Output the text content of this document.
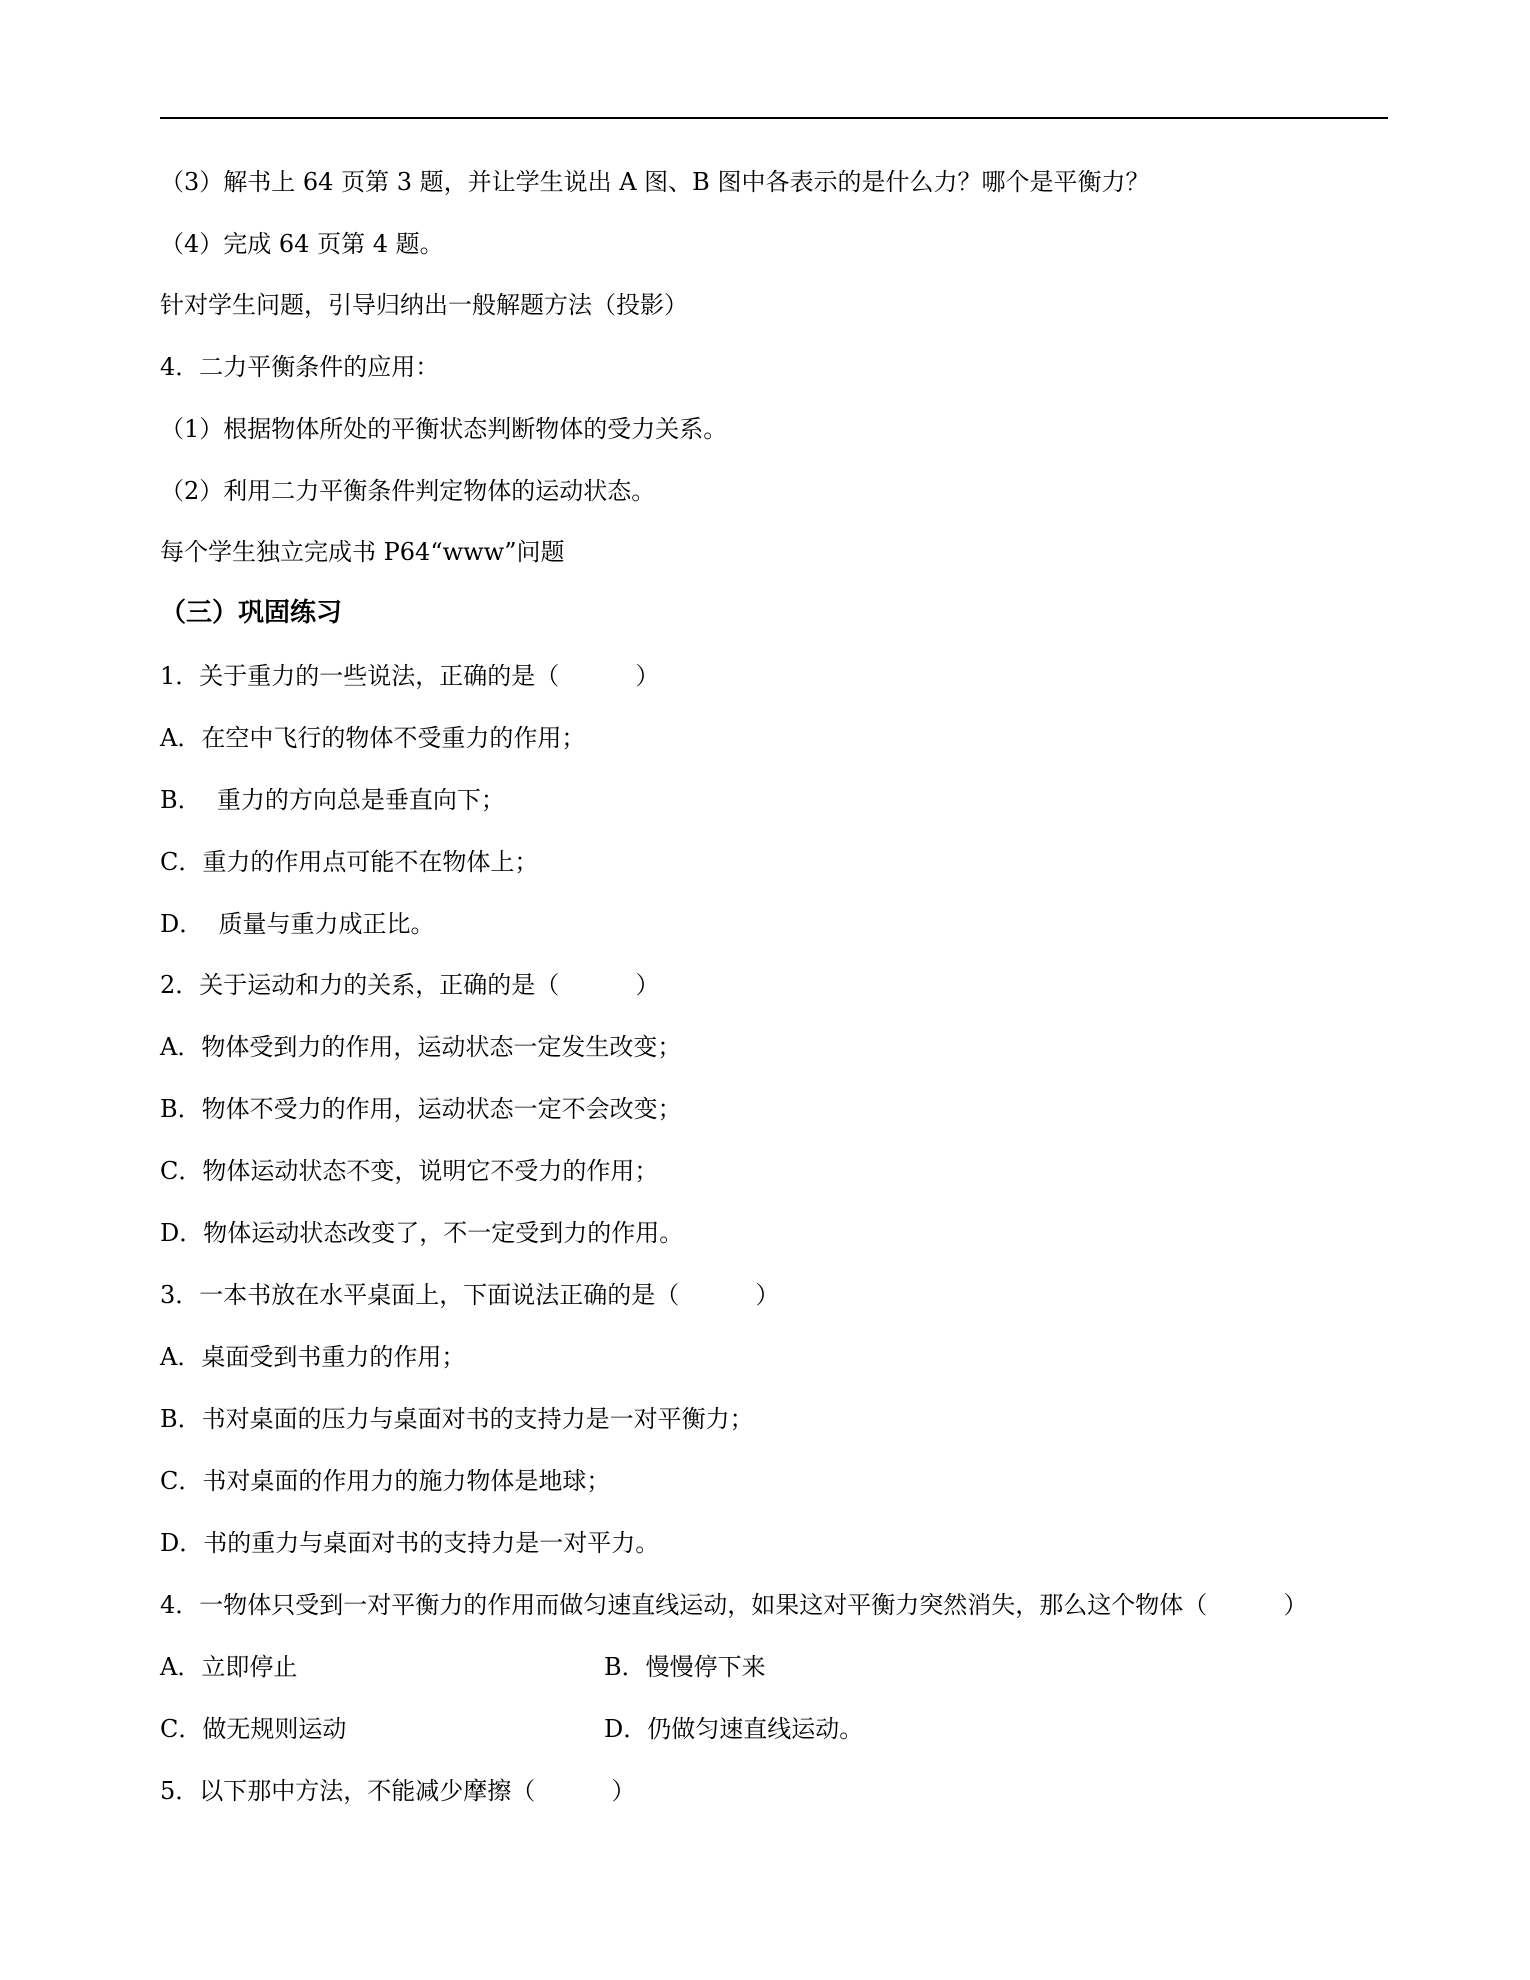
（3）解书上 64 页第 3 题，并让学生说出 A 图、B 图中各表示的是什么力？哪个是平衡力？
（4）完成 64 页第 4 题。
针对学生问题，引导归纳出一般解题方法（投影）
4．二力平衡条件的应用：
（1）根据物体所处的平衡状态判断物体的受力关系。
（2）利用二力平衡条件判定物体的运动状态。
每个学生独立完成书 P64“www”问题
（三）巩固练习
1．关于重力的一些说法，正确的是（          ）
A．在空中飞行的物体不受重力的作用；
B．  重力的方向总是垂直向下；
C．重力的作用点可能不在物体上；
D．  质量与重力成正比。
2．关于运动和力的关系，正确的是（          ）
A．物体受到力的作用，运动状态一定发生改变；
B．物体不受力的作用，运动状态一定不会改变；
C．物体运动状态不变，说明它不受力的作用；
D．物体运动状态改变了，不一定受到力的作用。
3．一本书放在水平桌面上，下面说法正确的是（          ）
A．桌面受到书重力的作用；
B．书对桌面的压力与桌面对书的支持力是一对平衡力；
C．书对桌面的作用力的施力物体是地球；
D．书的重力与桌面对书的支持力是一对平力。
4．一物体只受到一对平衡力的作用而做匀速直线运动，如果这对平衡力突然消失，那么这个物体（          ）
A．立即停止	B．慢慢停下来
C．做无规则运动	D．仍做匀速直线运动。
5．以下那中方法，不能减少摩擦（          ）
